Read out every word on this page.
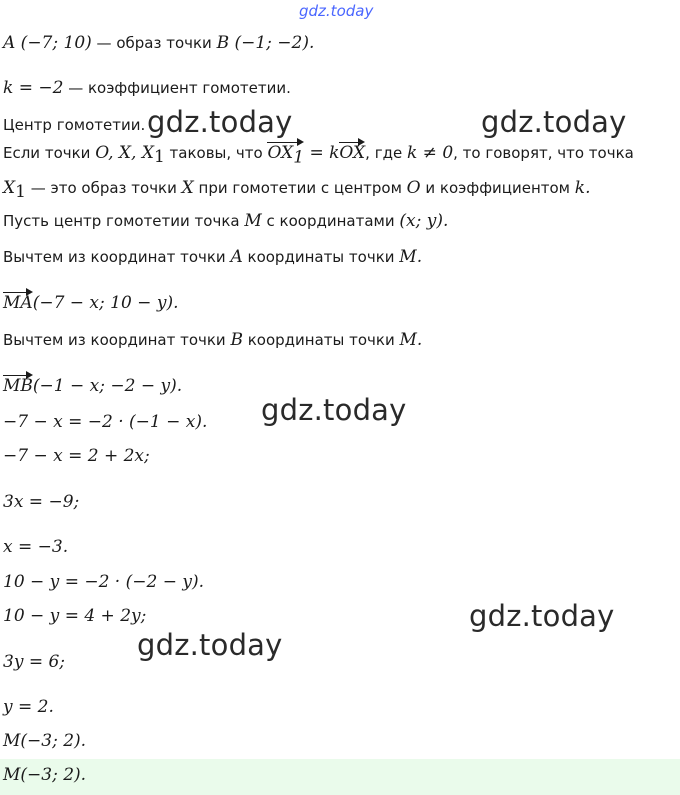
gdz.today
A (−7; 10) — образ точки B (−1; −2).
k = −2 — коэффициент гомотетии.
Центр гомотетии.
Если точки O, X, $X_1$ таковы, что $OX_1$ = kOX, где k ≠ 0, то говорят, что точка
$X_1$ — это образ точки X при гомотетии с центром O и коэффициентом k.
Пусть центр гомотетии точка M с координатами (x; y).
Вычтем из координат точки A координаты точки M.
MA(−7 − x; 10 − y).
Вычтем из координат точки B координаты точки M.
MB(−1 − x; −2 − y).
−7 − x = −2 · (−1 − x).
−7 − x = 2 + 2x;
3x = −9;
x = −3.
10 − y = −2 · (−2 − y).
10 − y = 4 + 2y;
3y = 6;
y = 2.
M(−3; 2).
M(−3; 2).
gdz.today	gdz.today
gdz.today
gdz.today
gdz.today
